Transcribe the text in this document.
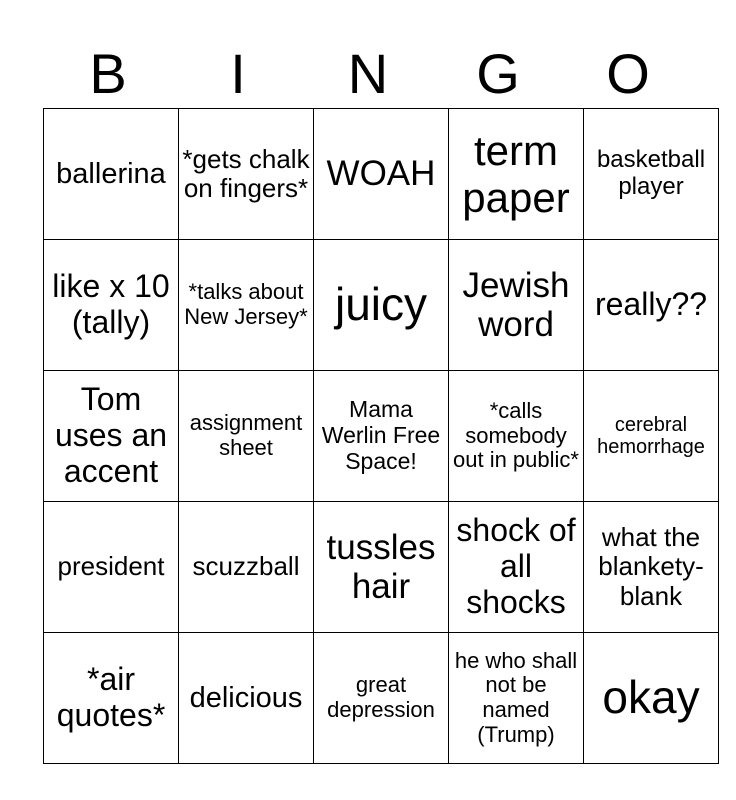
B	I	N	G	O
ballerina	*gets chalk on fingers*	WOAH	term paper	basketball player
like x 10 (tally)	*talks about New Jersey*	juicy	Jewish word	really??
Tom uses an accent	assignment sheet	Mama Werlin Free Space!	*calls somebody out in public*	cerebral hemorrhage
president	scuzzball	tussles hair	shock of all shocks	what the blankety-blank
*air quotes*	delicious	great depression	he who shall not be named (Trump)	okay
